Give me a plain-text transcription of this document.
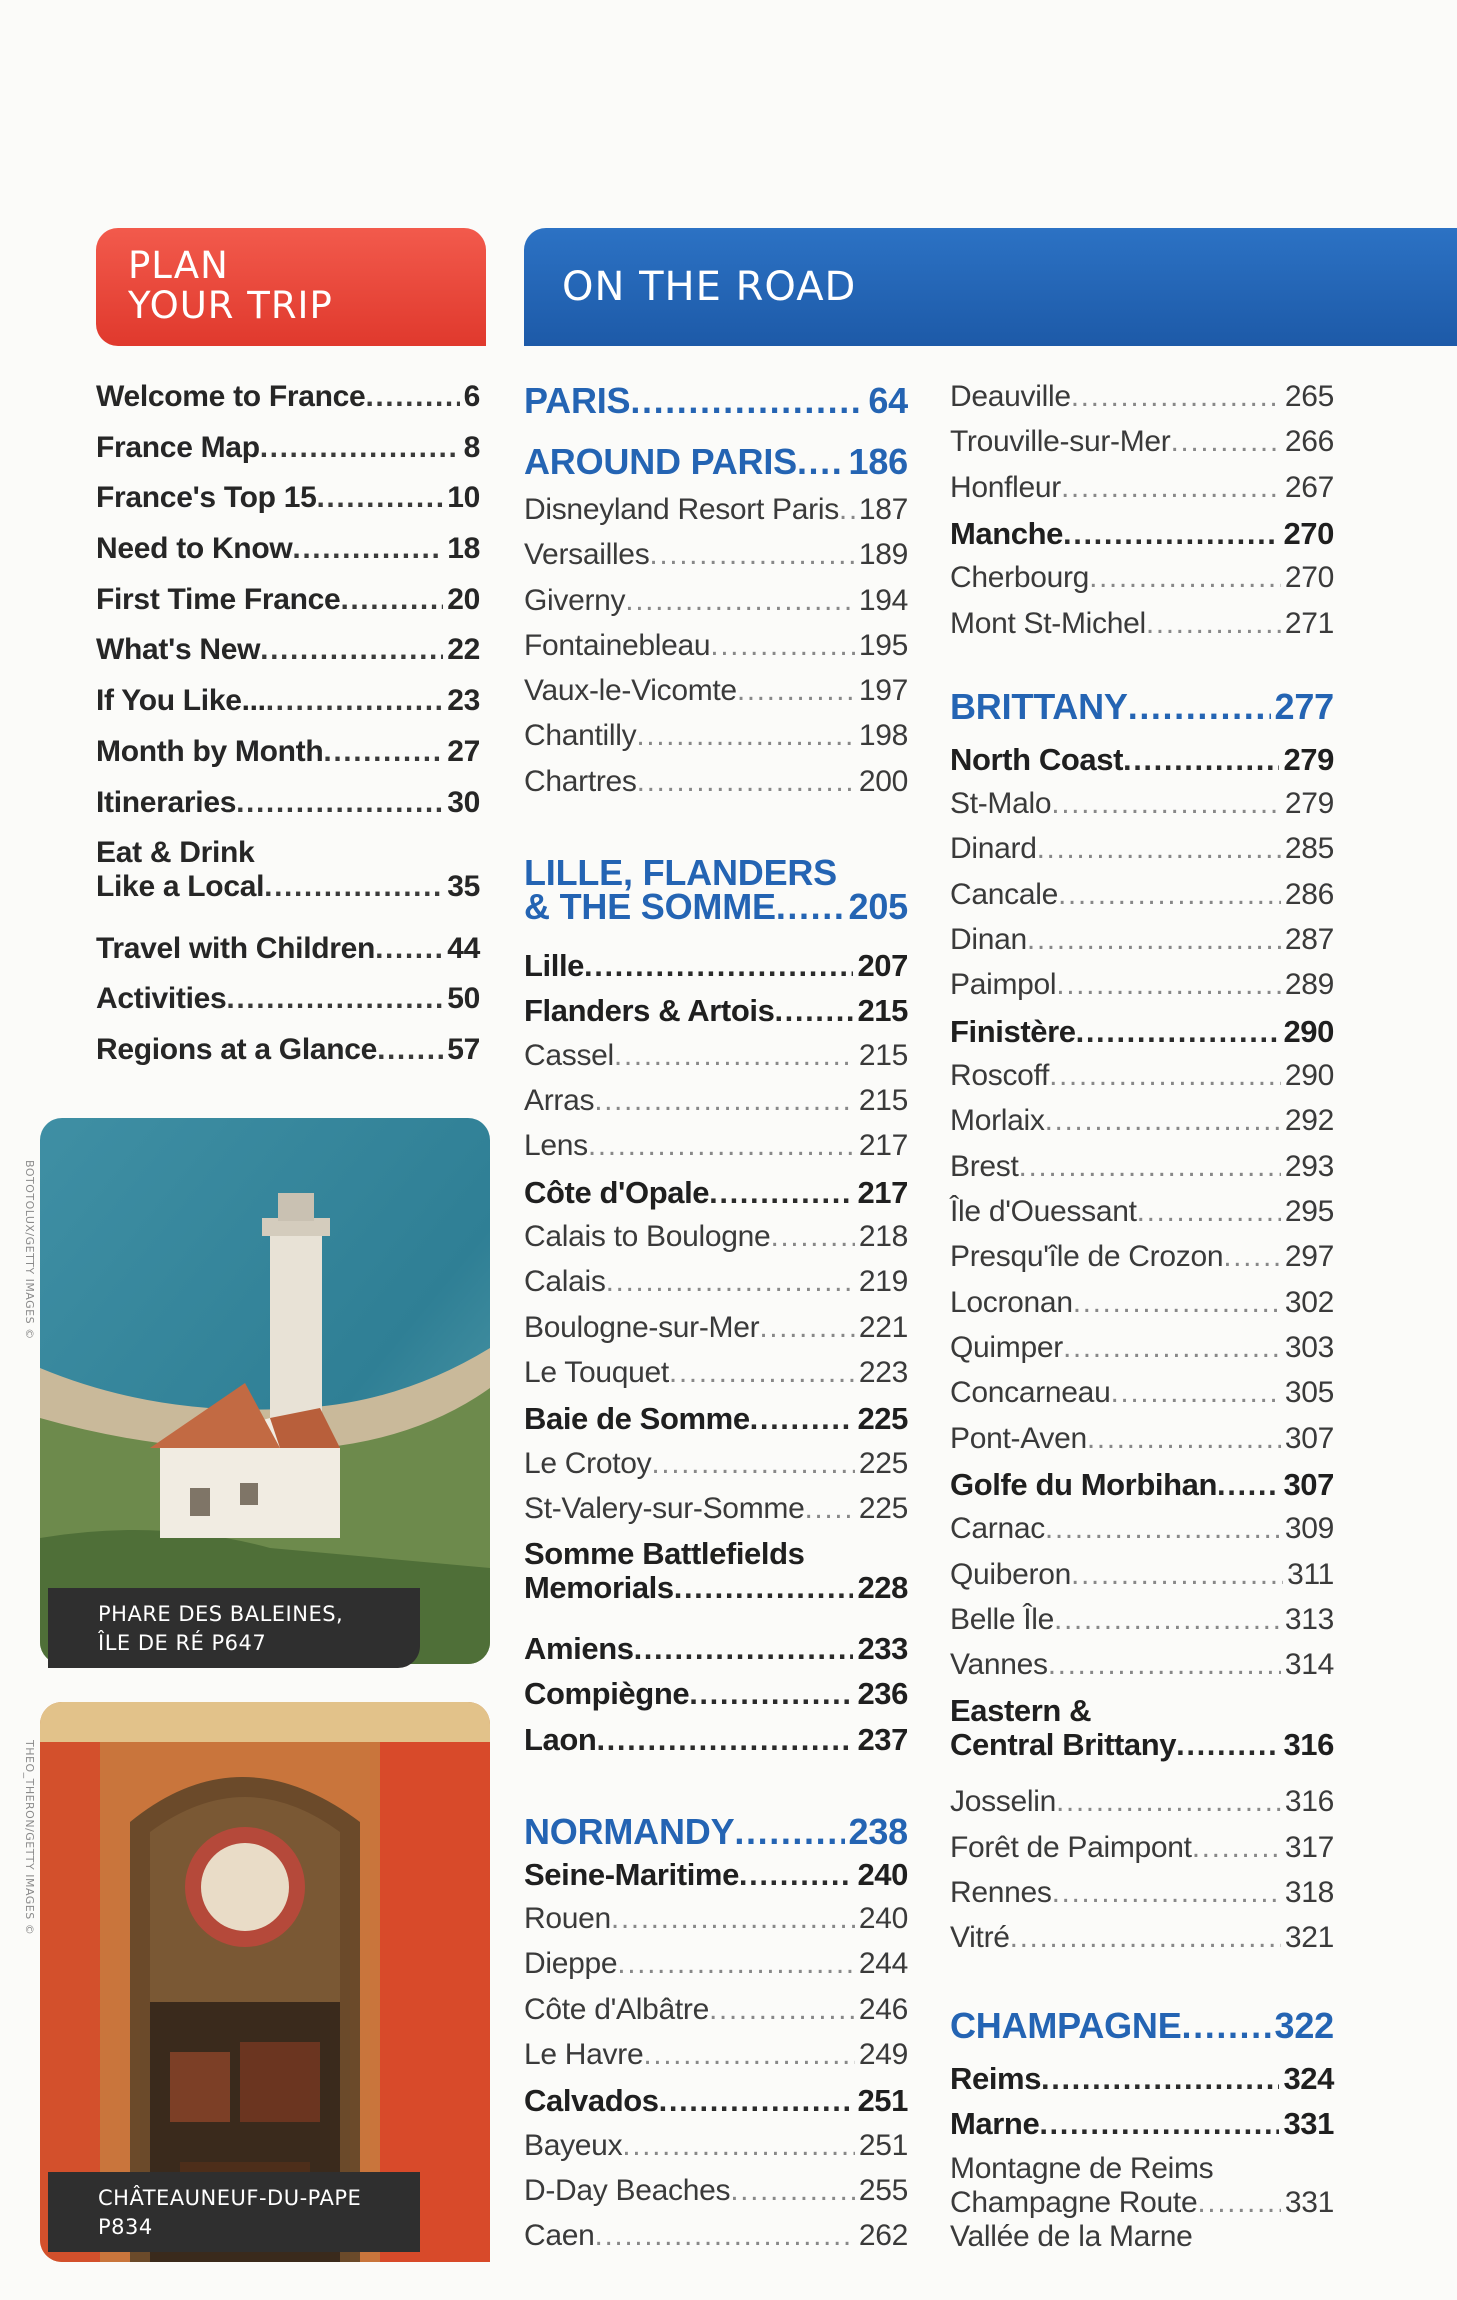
PLAN
YOUR TRIP	ON THE ROAD
Welcome to France .....	6
France Map .....	8
France's Top 15 .....	10
Need to Know .....	18
First Time France .....	20
What's New .....	22
If You Like... .....	23
Month by Month .....	27
Itineraries .....	30
Eat & Drink
Like a Local .....	35
Travel with Children ..... 44
Activities .....	50
Regions at a Glance ..... 57
PHARE DES BALEINES,
ÎLE DE RÉ P647
BOTOTOLUX/GETTY IMAGES ©
CHÂTEAUNEUF-DU-PAPE
P834
THEO_THERON/GETTY IMAGES ©
PARIS .....	64
AROUND PARIS ..... 186
Disneyland Resort Paris ..... 187
Versailles .....	189
Giverny .....	194
Fontainebleau .....	195
Vaux-le-Vicomte .....	197
Chantilly .....	198
Chartres .....	200
LILLE, FLANDERS
& THE SOMME ..... 205
Lille .....	207
Flanders & Artois .....	215
Cassel .....	215
Arras .....	215
Lens .....	217
Côte d'Opale .....	217
Calais to Boulogne .....	218
Calais .....	219
Boulogne-sur-Mer .....	221
Le Touquet .....	223
Baie de Somme .....	225
Le Crotoy .....	225
St-Valery-sur-Somme ..... 225
Somme Battlefields
Memorials .....	228
Amiens .....	233
Compiègne .....	236
Laon .....	237
NORMANDY .....	238
Seine-Maritime .....	240
Rouen .....	240
Dieppe .....	244
Côte d'Albâtre .....	246
Le Havre .....	249
Calvados .....	251
Bayeux .....	251
D-Day Beaches .....	255
Caen .....	262
Deauville .....	265
Trouville-sur-Mer .....	266
Honfleur .....	267
Manche .....	270
Cherbourg .....	270
Mont St-Michel .....	271
BRITTANY .....	277
North Coast .....	279
St-Malo .....	279
Dinard .....	285
Cancale .....	286
Dinan .....	287
Paimpol .....	289
Finistère .....	290
Roscoff .....	290
Morlaix .....	292
Brest .....	293
Île d'Ouessant .....	295
Presqu'île de Crozon ..... 297
Locronan .....	302
Quimper .....	303
Concarneau .....	305
Pont-Aven .....	307
Golfe du Morbihan ..... 307
Carnac .....	309
Quiberon .....	311
Belle Île .....	313
Vannes .....	314
Eastern &
Central Brittany .....	316
Josselin .....	316
Forêt de Paimpont .....	317
Rennes .....	318
Vitré .....	321
CHAMPAGNE .....	322
Reims .....	324
Marne .....	331
Montagne de Reims
Champagne Route .....	331
Vallée de la Marne
